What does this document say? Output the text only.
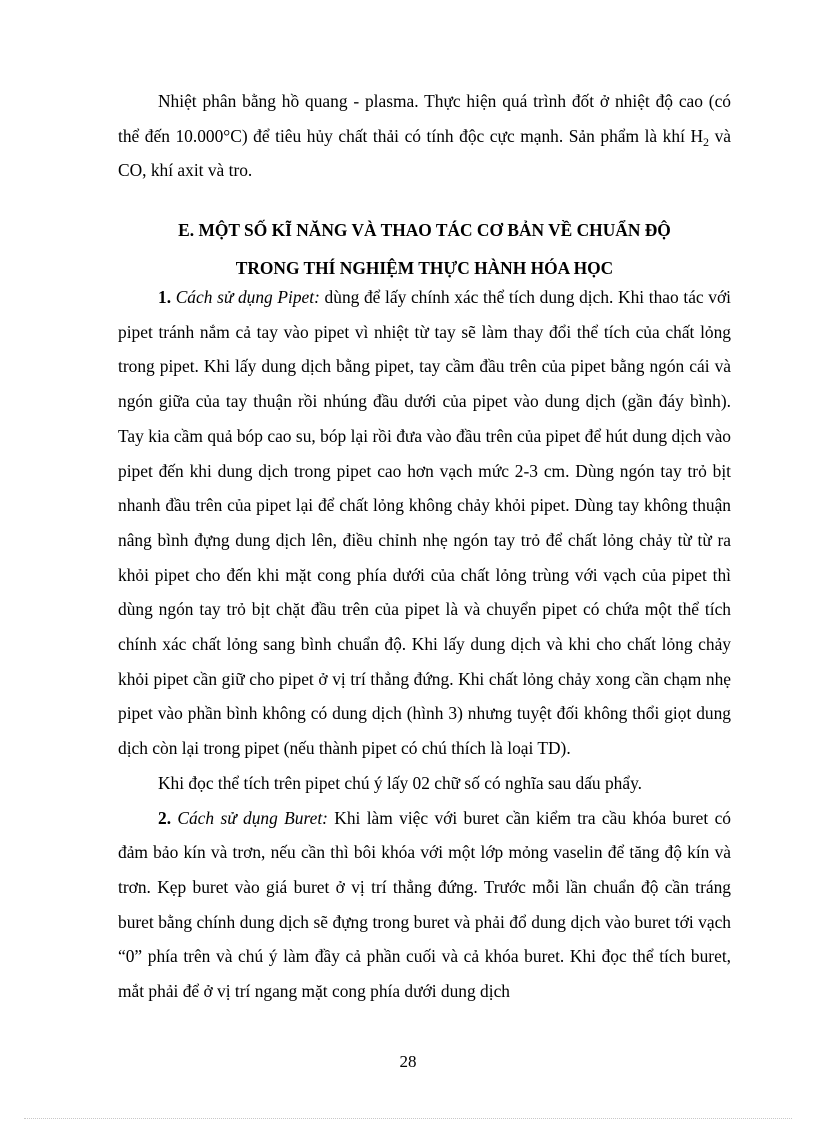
Nhiệt phân bằng hồ quang - plasma. Thực hiện quá trình đốt ở nhiệt độ cao (có thể đến 10.000°C) để tiêu hủy chất thải có tính độc cực mạnh. Sản phẩm là khí $H_2$ và CO, khí axit và tro.

E. MỘT SỐ KĨ NĂNG VÀ THAO TÁC CƠ BẢN VỀ CHUẨN ĐỘ
TRONG THÍ NGHIỆM THỰC HÀNH HÓA HỌC

1. Cách sử dụng Pipet: dùng để lấy chính xác thể tích dung dịch. Khi thao tác với pipet tránh nắm cả tay vào pipet vì nhiệt từ tay sẽ làm thay đổi thể tích của chất lỏng trong pipet. Khi lấy dung dịch bằng pipet, tay cầm đầu trên của pipet bằng ngón cái và ngón giữa của tay thuận rồi nhúng đầu dưới của pipet vào dung dịch (gần đáy bình). Tay kia cầm quả bóp cao su, bóp lại rồi đưa vào đầu trên của pipet để hút dung dịch vào pipet đến khi dung dịch trong pipet cao hơn vạch mức 2-3 cm. Dùng ngón tay trỏ bịt nhanh đầu trên của pipet lại để chất lỏng không chảy khỏi pipet. Dùng tay không thuận nâng bình đựng dung dịch lên, điều chỉnh nhẹ ngón tay trỏ để chất lỏng chảy từ từ ra khỏi pipet cho đến khi mặt cong phía dưới của chất lỏng trùng với vạch của pipet thì dùng ngón tay trỏ bịt chặt đầu trên của pipet là và chuyển pipet có chứa một thể tích chính xác chất lỏng sang bình chuẩn độ. Khi lấy dung dịch và khi cho chất lỏng chảy khỏi pipet cần giữ cho pipet ở vị trí thẳng đứng. Khi chất lỏng chảy xong cần chạm nhẹ pipet vào phần bình không có dung dịch (hình 3) nhưng tuyệt đối không thổi giọt dung dịch còn lại trong pipet (nếu thành pipet có chú thích là loại TD).

Khi đọc thể tích trên pipet chú ý lấy 02 chữ số có nghĩa sau dấu phẩy.

2. Cách sử dụng Buret: Khi làm việc với buret cần kiểm tra cầu khóa buret có đảm bảo kín và trơn, nếu cần thì bôi khóa với một lớp mỏng vaselin để tăng độ kín và trơn. Kẹp buret vào giá buret ở vị trí thẳng đứng. Trước mỗi lần chuẩn độ cần tráng buret bằng chính dung dịch sẽ đựng trong buret và phải đổ dung dịch vào buret tới vạch “0” phía trên và chú ý làm đầy cả phần cuối và cả khóa buret. Khi đọc thể tích buret, mắt phải để ở vị trí ngang mặt cong phía dưới dung dịch

28
